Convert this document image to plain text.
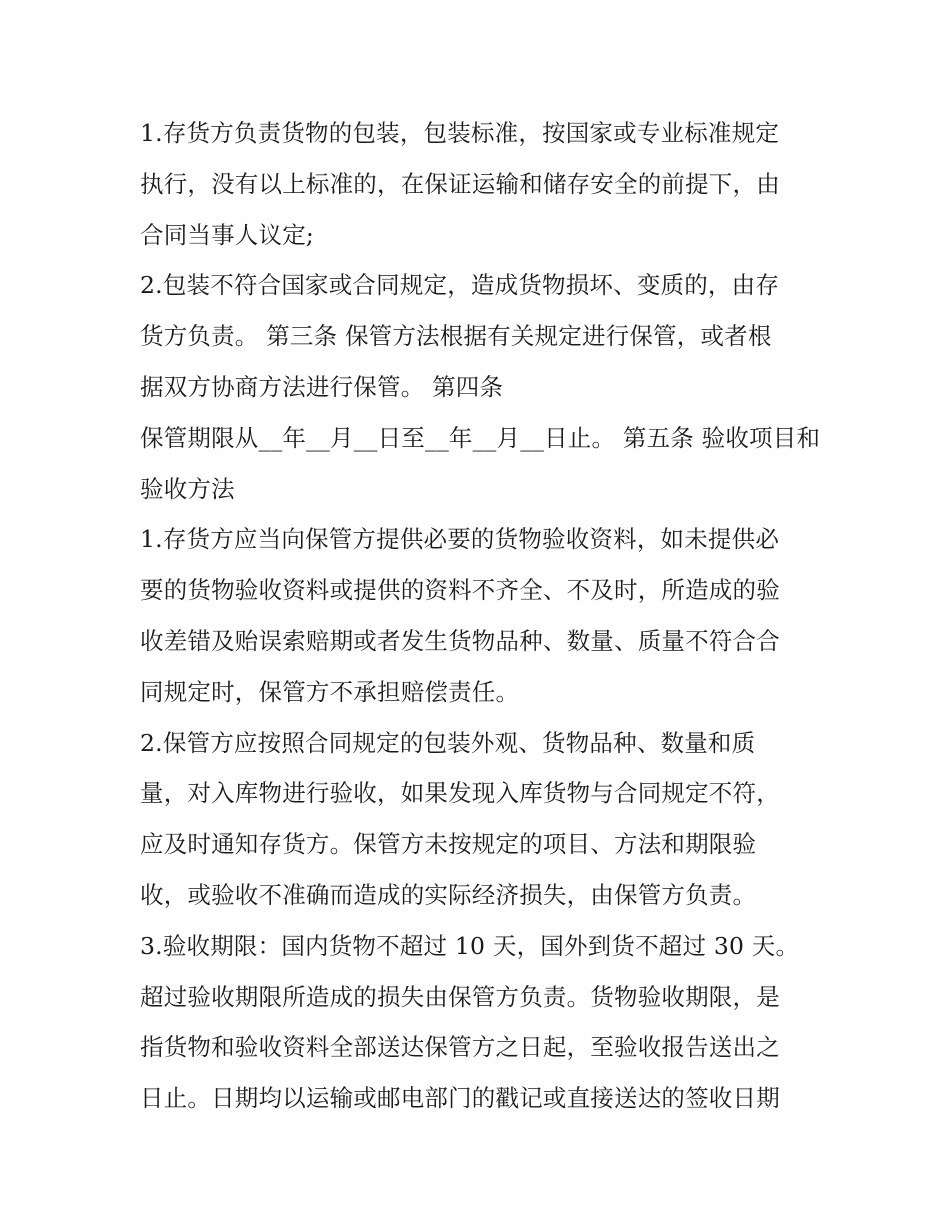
1.存货方负责货物的包装，包装标准，按国家或专业标准规定
执行，没有以上标准的，在保证运输和储存安全的前提下，由
合同当事人议定;
2.包装不符合国家或合同规定，造成货物损坏、变质的，由存
货方负责。 第三条 保管方法根据有关规定进行保管，或者根
据双方协商方法进行保管。 第四条
保管期限从__年__月__日至__年__月__日止。 第五条 验收项目和
验收方法
1.存货方应当向保管方提供必要的货物验收资料，如未提供必
要的货物验收资料或提供的资料不齐全、不及时，所造成的验
收差错及贻误索赔期或者发生货物品种、数量、质量不符合合
同规定时，保管方不承担赔偿责任。
2.保管方应按照合同规定的包装外观、货物品种、数量和质
量，对入库物进行验收，如果发现入库货物与合同规定不符，
应及时通知存货方。保管方未按规定的项目、方法和期限验
收，或验收不准确而造成的实际经济损失，由保管方负责。
3.验收期限：国内货物不超过 10 天，国外到货不超过 30 天。
超过验收期限所造成的损失由保管方负责。货物验收期限，是
指货物和验收资料全部送达保管方之日起，至验收报告送出之
日止。日期均以运输或邮电部门的戳记或直接送达的签收日期
